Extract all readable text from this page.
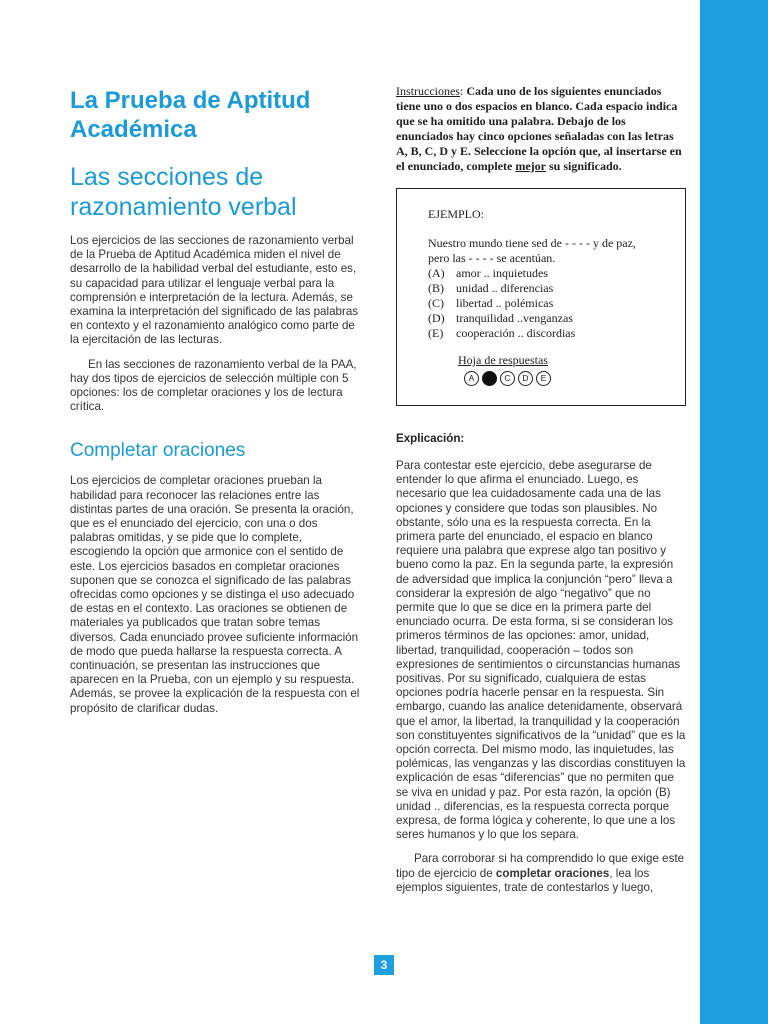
La Prueba de Aptitud Académica
Las secciones de razonamiento verbal

Los ejercicios de las secciones de razonamiento verbal de la Prueba de Aptitud Académica miden el nivel de desarrollo de la habilidad verbal del estudiante, esto es, su capacidad para utilizar el lenguaje verbal para la comprensión e interpretación de la lectura. Además, se examina la interpretación del significado de las palabras en contexto y el razonamiento analógico como parte de la ejercitación de las lecturas.

En las secciones de razonamiento verbal de la PAA, hay dos tipos de ejercicios de selección múltiple con 5 opciones: los de completar oraciones y los de lectura crítica.

Completar oraciones

Los ejercicios de completar oraciones prueban la habilidad para reconocer las relaciones entre las distintas partes de una oración. Se presenta la oración, que es el enunciado del ejercicio, con una o dos palabras omitidas, y se pide que lo complete, escogiendo la opción que armonice con el sentido de este. Los ejercicios basados en completar oraciones suponen que se conozca el significado de las palabras ofrecidas como opciones y se distinga el uso adecuado de estas en el contexto. Las oraciones se obtienen de materiales ya publicados que tratan sobre temas diversos. Cada enunciado provee suficiente información de modo que pueda hallarse la respuesta correcta. A continuación, se presentan las instrucciones que aparecen en la Prueba, con un ejemplo y su respuesta. Además, se provee la explicación de la respuesta con el propósito de clarificar dudas.

Instrucciones: Cada uno de los siguientes enunciados tiene uno o dos espacios en blanco. Cada espacio indica que se ha omitido una palabra. Debajo de los enunciados hay cinco opciones señaladas con las letras A, B, C, D y E. Seleccione la opción que, al insertarse en el enunciado, complete mejor su significado.

EJEMPLO:
Nuestro mundo tiene sed de - - - - y de paz,
pero las - - - - se acentúan.
(A) amor .. inquietudes
(B)	unidad .. diferencias
(C)	libertad .. polémicas
(D) tranquilidad ..venganzas
(E)	cooperación .. discordias
Hoja de respuestas
A	B	C	D	E
Explicación:

Para contestar este ejercicio, debe asegurarse de entender lo que afirma el enunciado. Luego, es necesario que lea cuidadosamente cada una de las opciones y considere que todas son plausibles. No obstante, sólo una es la respuesta correcta. En la primera parte del enunciado, el espacio en blanco requiere una palabra que exprese algo tan positivo y bueno como la paz. En la segunda parte, la expresión de adversidad que implica la conjunción “pero” lleva a considerar la expresión de algo “negativo” que no permite que lo que se dice en la primera parte del enunciado ocurra. De esta forma, si se consideran los primeros términos de las opciones: amor, unidad, libertad, tranquilidad, cooperación – todos son expresiones de sentimientos o circunstancias humanas positivas. Por su significado, cualquiera de estas opciones podría hacerle pensar en la respuesta. Sin embargo, cuando las analice detenidamente, observará que el amor, la libertad, la tranquilidad y la cooperación son constituyentes significativos de la “unidad” que es la opción correcta. Del mismo modo, las inquietudes, las polémicas, las venganzas y las discordias constituyen la explicación de esas “diferencias” que no permiten que se viva en unidad y paz. Por esta razón, la opción (B) unidad .. diferencias, es la respuesta correcta porque expresa, de forma lógica y coherente, lo que une a los seres humanos y lo que los separa.

Para corroborar si ha comprendido lo que exige este tipo de ejercicio de completar oraciones, lea los ejemplos siguientes, trate de contestarlos y luego,

3
